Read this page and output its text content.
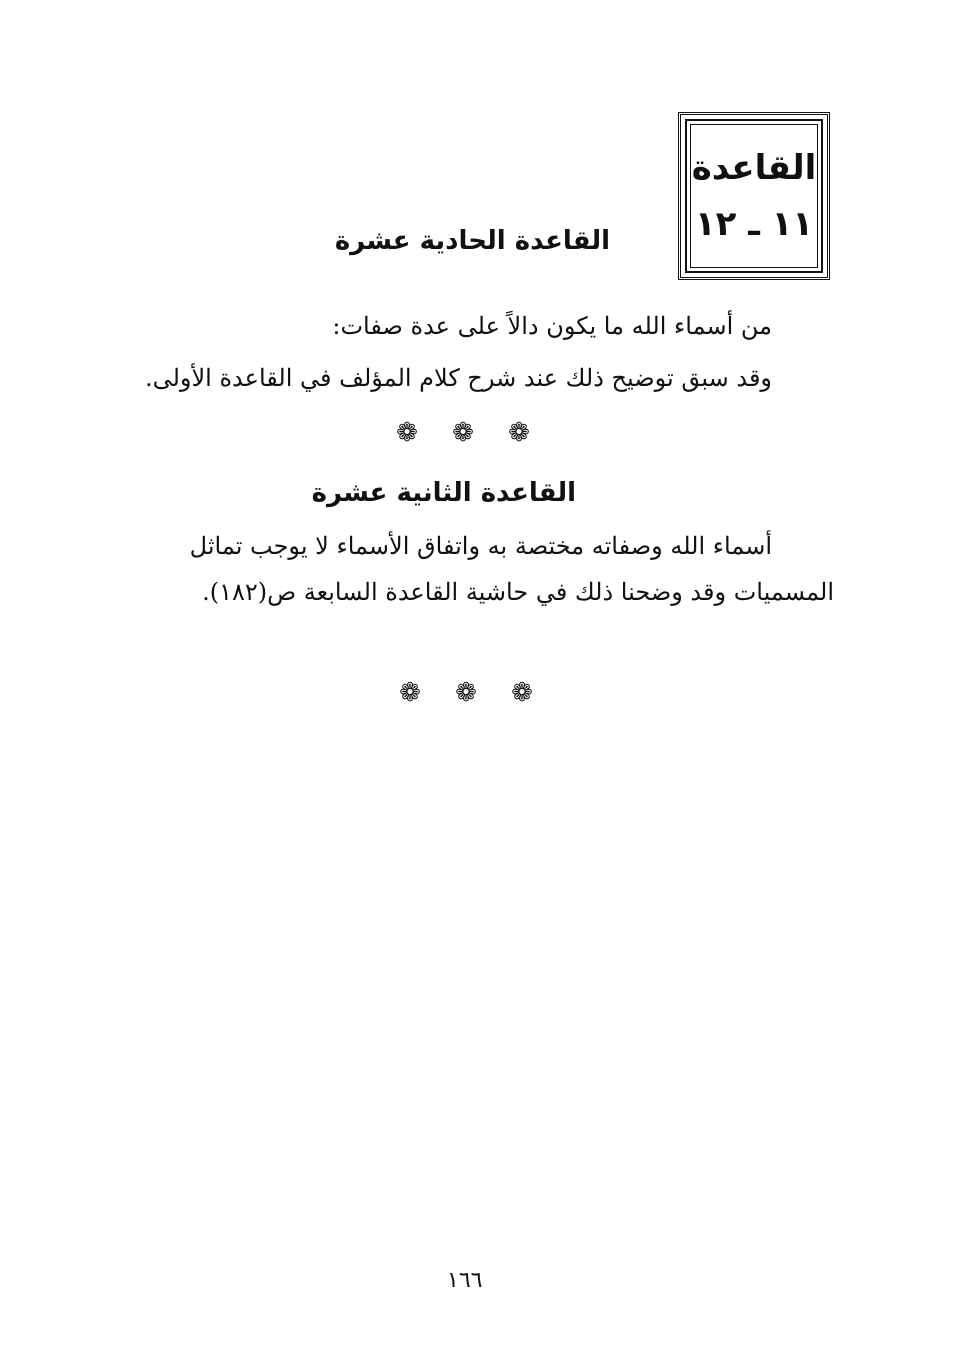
القاعدة
١١ ـ ١٢
القاعدة الحادية عشرة
من أسماء الله ما يكون دالاً على عدة صفات:
وقد سبق توضيح ذلك عند شرح كلام المؤلف في القاعدة الأولى.
❁
❁
❁
القاعدة الثانية عشرة
أسماء الله وصفاته مختصة به واتفاق الأسماء لا يوجب تماثل
المسميات وقد وضحنا ذلك في حاشية القاعدة السابعة ص(١٨٢).
❁
❁
❁
١٦٦
